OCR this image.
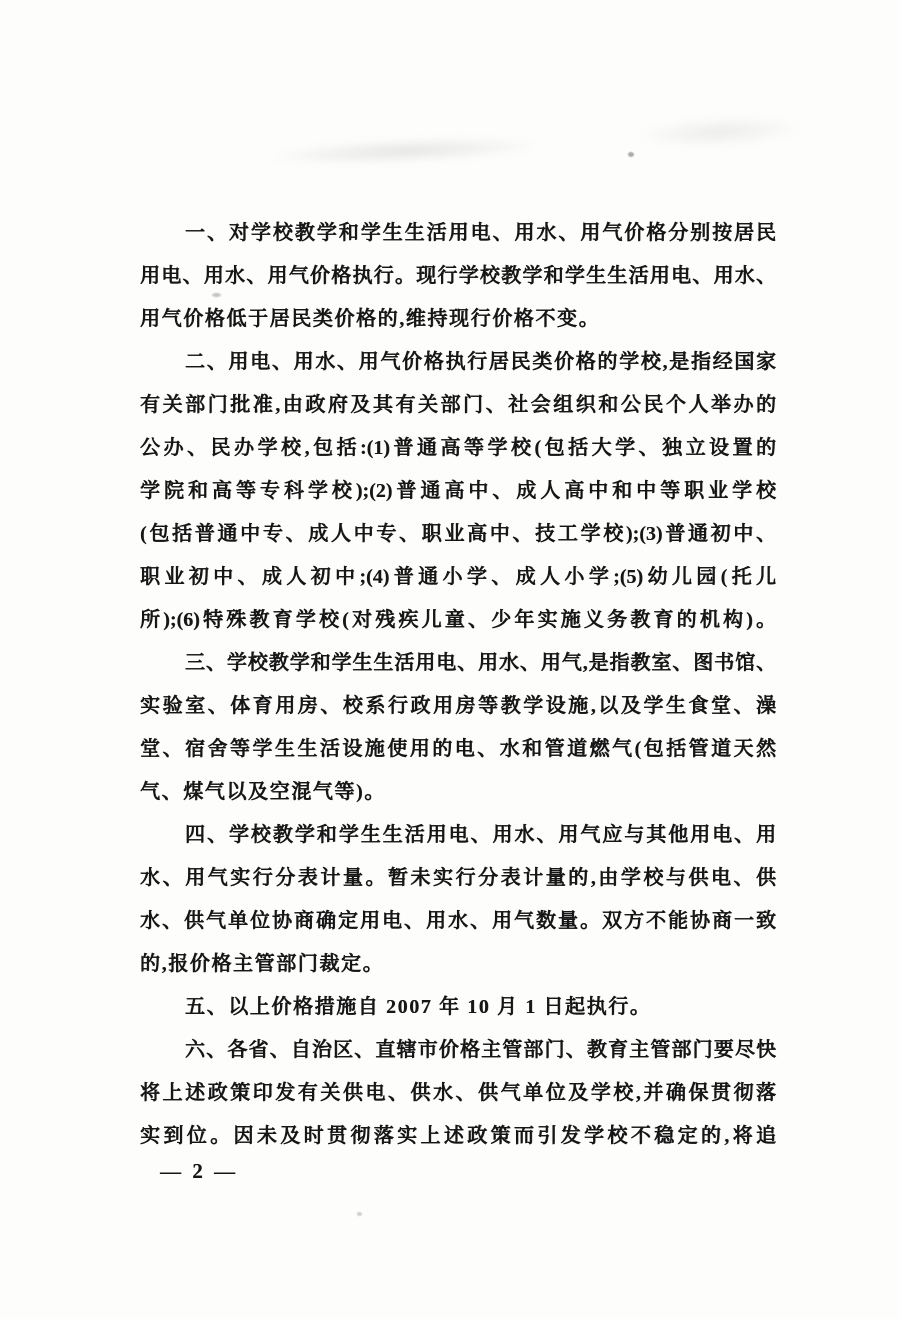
一、对学校教学和学生生活用电、用水、用气价格分别按居民
用电、用水、用气价格执行。现行学校教学和学生生活用电、用水、
用气价格低于居民类价格的,维持现行价格不变。
二、用电、用水、用气价格执行居民类价格的学校,是指经国家
有关部门批准,由政府及其有关部门、社会组织和公民个人举办的
公办、民办学校,包括:(1)普通高等学校(包括大学、独立设置的
学院和高等专科学校);(2)普通高中、成人高中和中等职业学校
(包括普通中专、成人中专、职业高中、技工学校);(3)普通初中、
职业初中、成人初中;(4)普通小学、成人小学;(5)幼儿园(托儿
所);(6)特殊教育学校(对残疾儿童、少年实施义务教育的机构)。
三、学校教学和学生生活用电、用水、用气,是指教室、图书馆、
实验室、体育用房、校系行政用房等教学设施,以及学生食堂、澡
堂、宿舍等学生生活设施使用的电、水和管道燃气(包括管道天然
气、煤气以及空混气等)。
四、学校教学和学生生活用电、用水、用气应与其他用电、用
水、用气实行分表计量。暂未实行分表计量的,由学校与供电、供
水、供气单位协商确定用电、用水、用气数量。双方不能协商一致
的,报价格主管部门裁定。
五、以上价格措施自 2007 年 10 月 1 日起执行。
六、各省、自治区、直辖市价格主管部门、教育主管部门要尽快
将上述政策印发有关供电、供水、供气单位及学校,并确保贯彻落
实到位。因未及时贯彻落实上述政策而引发学校不稳定的,将追
— 2 —
